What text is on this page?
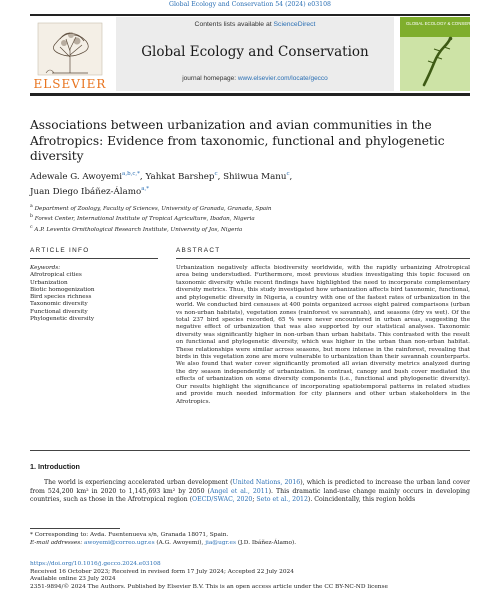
Global Ecology and Conservation 54 (2024) e03108
ELSEVIER
Contents lists available at ScienceDirect
Global Ecology and Conservation
journal homepage: www.elsevier.com/locate/gecco
GLOBAL ECOLOGY & CONSERVATION
Associations between urbanization and avian communities in the Afrotropics: Evidence from taxonomic, functional and phylogenetic diversity
Adewale G. Awoyemi$^{a,b,c,*}$, Yahkat Barshep$^c$, Shiiwua Manu$^c$,
Juan Diego Ibáñez-Álamo$^{a,*}$
$^a$ Department of Zoology, Faculty of Sciences, University of Granada, Granada, Spain
$^b$ Forest Center, International Institute of Tropical Agriculture, Ibadan, Nigeria
$^c$ A.P. Leventis Ornithological Research Institute, University of Jos, Nigeria
ARTICLE INFO	ABSTRACT
Keywords:
Afrotropical cities
Urbanization
Biotic homogenization
Bird species richness
Taxonomic diversity
Functional diversity
Phylogenetic diversity
Urbanization negatively affects biodiversity worldwide, with the rapidly urbanizing Afrotropical area being understudied. Furthermore, most previous studies investigating this topic focused on taxonomic diversity while recent findings have highlighted the need to incorporate complementary diversity metrics. Thus, this study investigated how urbanization affects bird taxonomic, functional, and phylogenetic diversity in Nigeria, a country with one of the fastest rates of urbanization in the world. We conducted bird censuses at 400 points organized across eight paired comparisons (urban vs non-urban habitats), vegetation zones (rainforest vs savannah), and seasons (dry vs wet). Of the total 237 bird species recorded, 65 % were never encountered in urban areas, suggesting the negative effect of urbanization that was also supported by our statistical analyses. Taxonomic diversity was significantly higher in non-urban than urban habitats. This contrasted with the result on functional and phylogenetic diversity, which was higher in the urban than non-urban habitat. These relationships were similar across seasons, but more intense in the rainforest, revealing that birds in this vegetation zone are more vulnerable to urbanization than their savannah counterparts. We also found that water cover significantly promoted all avian diversity metrics analyzed during the dry season independently of urbanization. In contrast, canopy and bush cover mediated the effects of urbanization on some diversity components (i.e., functional and phylogenetic diversity). Our results highlight the significance of incorporating spatiotemporal patterns in related studies and provide much needed information for city planners and other urban stakeholders in the Afrotropics.
1. Introduction
The world is experiencing accelerated urban development (United Nations, 2016), which is predicted to increase the urban land cover from 524,200 km² in 2020 to 1,145,693 km² by 2050 (Angel et al., 2011). This dramatic land-use change mainly occurs in developing countries, such as those in the Afrotropical region (OECD/SWAC, 2020; Seto et al., 2012). Coincidentally, this region holds
* Corresponding to: Avda. Fuentenueva s/n, Granada 18071, Spain.
E-mail addresses: awoyemi@correo.ugr.es (A.G. Awoyemi), jia@ugr.es (J.D. Ibáñez-Álamo).
https://doi.org/10.1016/j.gecco.2024.e03108
Received 16 October 2023; Received in revised form 17 July 2024; Accepted 22 July 2024
Available online 23 July 2024
2351-9894/© 2024 The Authors. Published by Elsevier B.V. This is an open access article under the CC BY-NC-ND license
